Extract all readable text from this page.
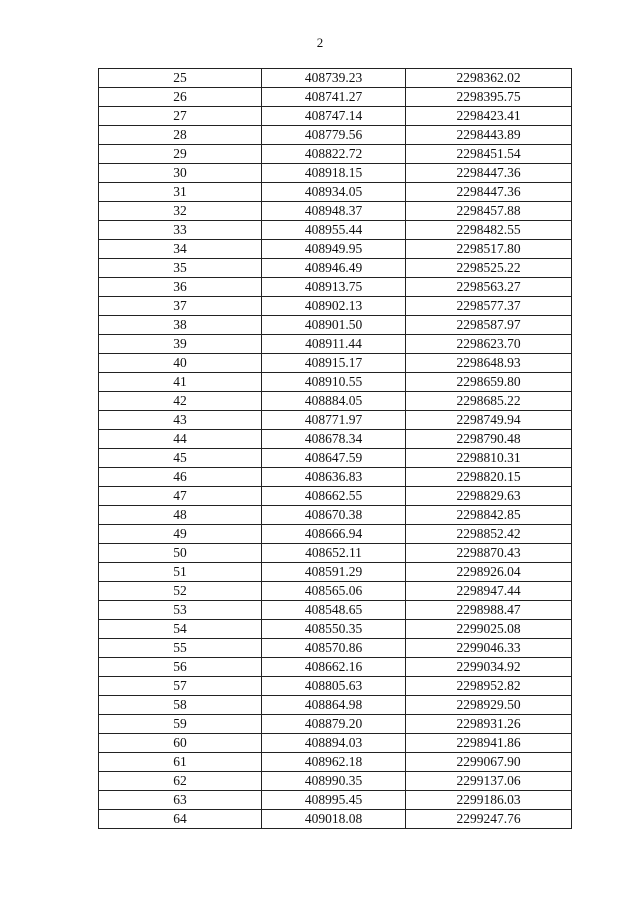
2
25	408739.23	2298362.02
26	408741.27	2298395.75
27	408747.14	2298423.41
28	408779.56	2298443.89
29	408822.72	2298451.54
30	408918.15	2298447.36
31	408934.05	2298447.36
32	408948.37	2298457.88
33	408955.44	2298482.55
34	408949.95	2298517.80
35	408946.49	2298525.22
36	408913.75	2298563.27
37	408902.13	2298577.37
38	408901.50	2298587.97
39	408911.44	2298623.70
40	408915.17	2298648.93
41	408910.55	2298659.80
42	408884.05	2298685.22
43	408771.97	2298749.94
44	408678.34	2298790.48
45	408647.59	2298810.31
46	408636.83	2298820.15
47	408662.55	2298829.63
48	408670.38	2298842.85
49	408666.94	2298852.42
50	408652.11	2298870.43
51	408591.29	2298926.04
52	408565.06	2298947.44
53	408548.65	2298988.47
54	408550.35	2299025.08
55	408570.86	2299046.33
56	408662.16	2299034.92
57	408805.63	2298952.82
58	408864.98	2298929.50
59	408879.20	2298931.26
60	408894.03	2298941.86
61	408962.18	2299067.90
62	408990.35	2299137.06
63	408995.45	2299186.03
64	409018.08	2299247.76
